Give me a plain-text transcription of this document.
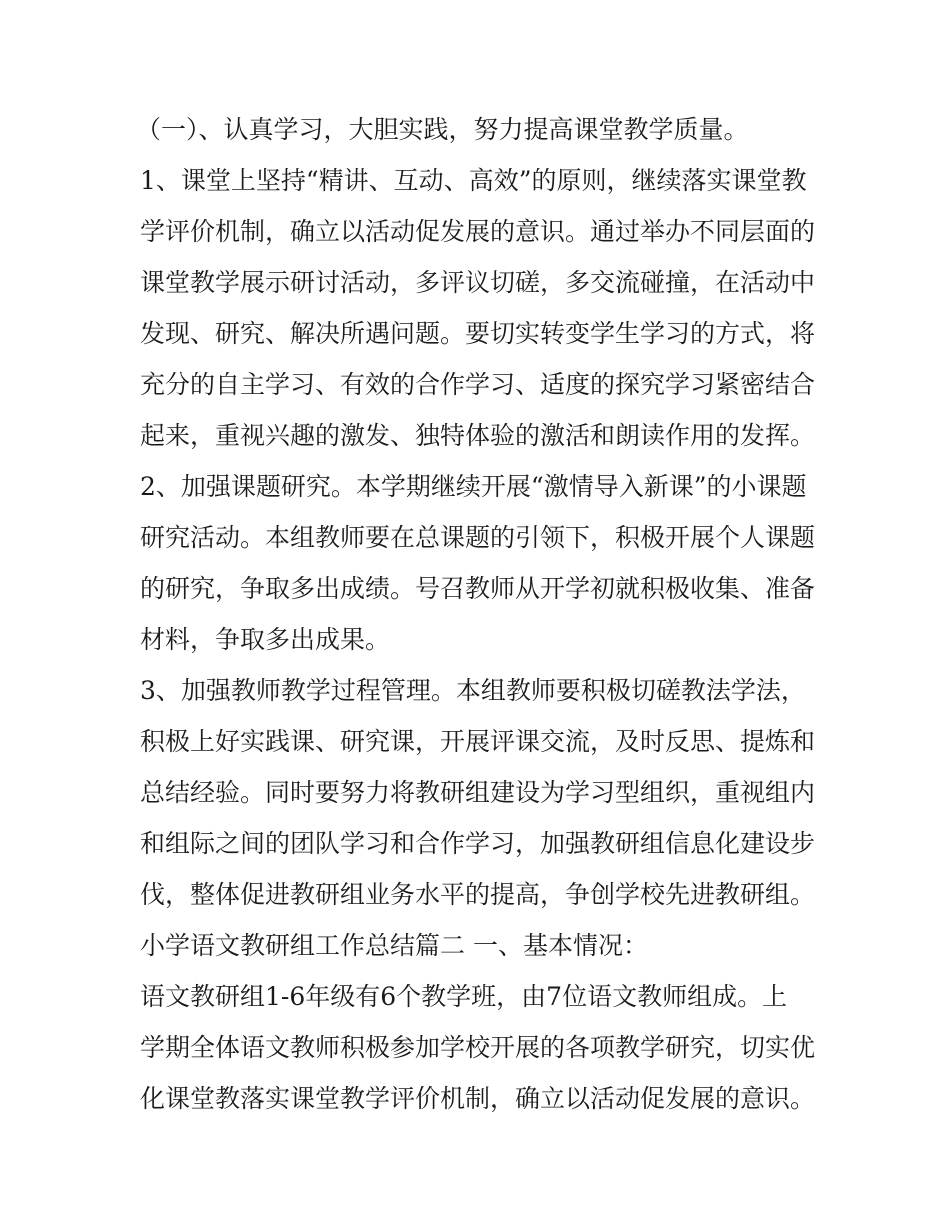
（一）、认真学习，大胆实践，努力提高课堂教学质量。
1、课堂上坚持“精讲、互动、高效”的原则，继续落实课堂教
学评价机制，确立以活动促发展的意识。通过举办不同层面的
课堂教学展示研讨活动，多评议切磋，多交流碰撞，在活动中
发现、研究、解决所遇问题。要切实转变学生学习的方式，将
充分的自主学习、有效的合作学习、适度的探究学习紧密结合
起来，重视兴趣的激发、独特体验的激活和朗读作用的发挥。
2、加强课题研究。本学期继续开展“激情导入新课”的小课题
研究活动。本组教师要在总课题的引领下，积极开展个人课题
的研究，争取多出成绩。号召教师从开学初就积极收集、准备
材料，争取多出成果。
3、加强教师教学过程管理。本组教师要积极切磋教法学法，
积极上好实践课、研究课，开展评课交流，及时反思、提炼和
总结经验。同时要努力将教研组建设为学习型组织，重视组内
和组际之间的团队学习和合作学习，加强教研组信息化建设步
伐，整体促进教研组业务水平的提高，争创学校先进教研组。
小学语文教研组工作总结篇二 一、基本情况：
语文教研组1-6年级有6个教学班，由7位语文教师组成。上
学期全体语文教师积极参加学校开展的各项教学研究，切实优
化课堂教落实课堂教学评价机制，确立以活动促发展的意识。
